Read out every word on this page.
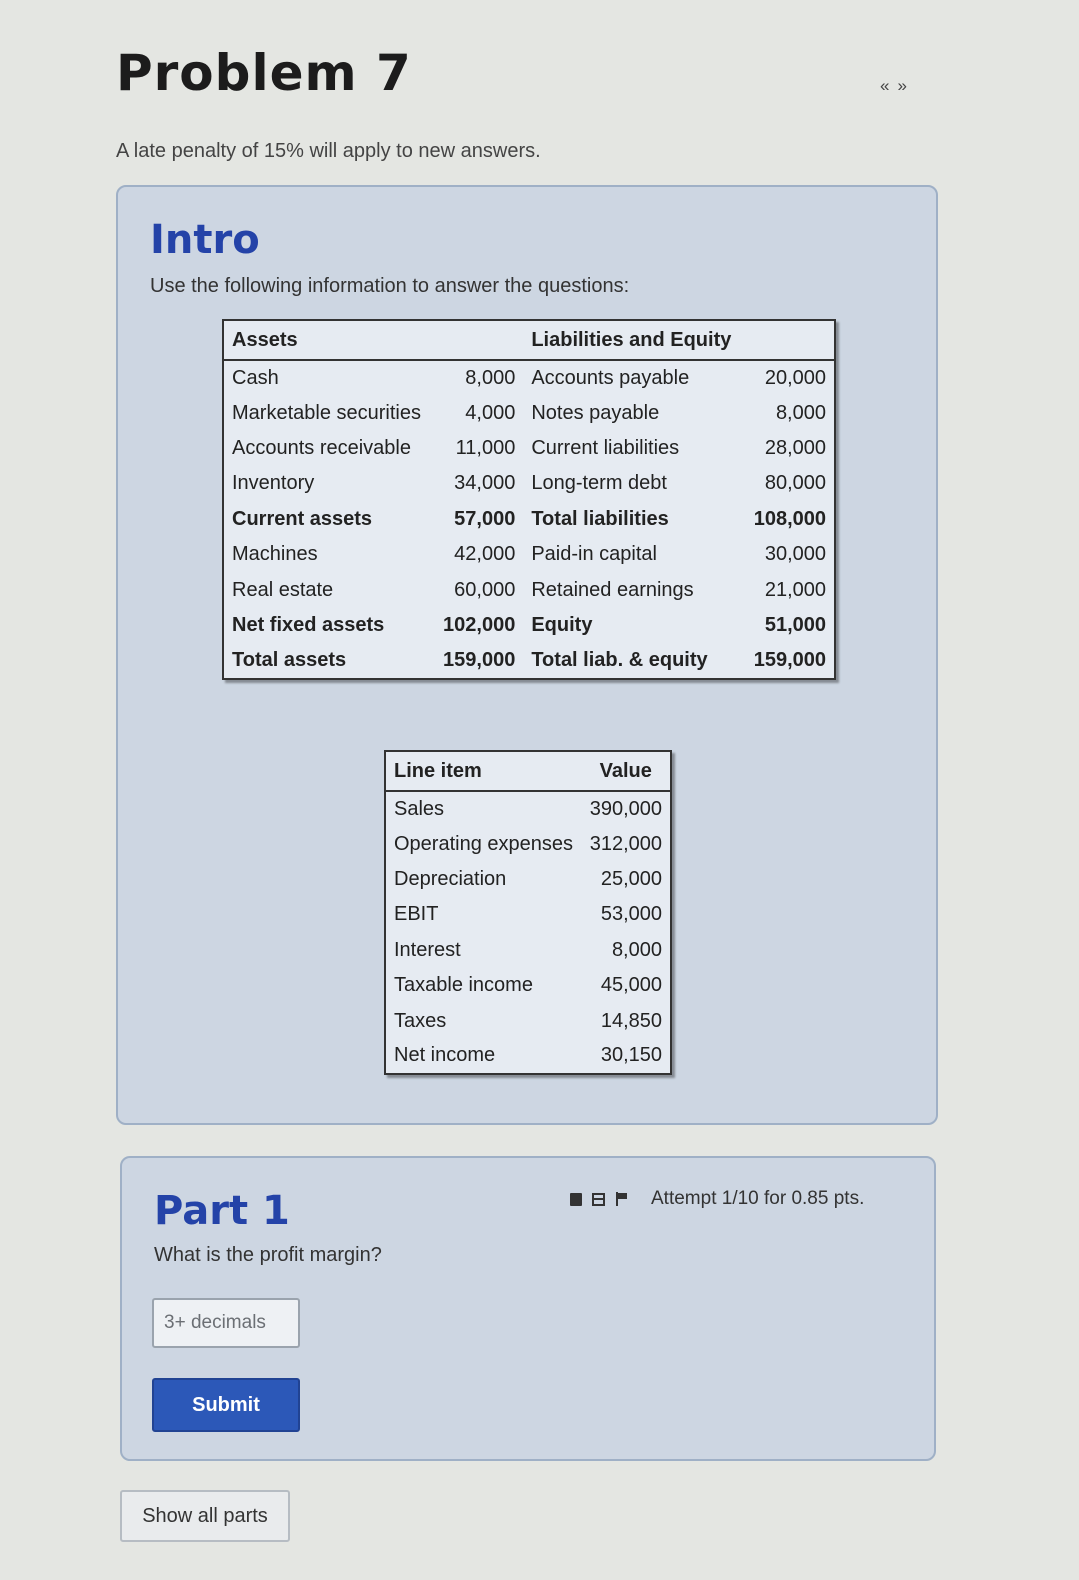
Problem 7	« »
A late penalty of 15% will apply to new answers.
Intro
Use the following information to answer the questions:
Assets		Liabilities and Equity	
Cash	8,000	Accounts payable	20,000
Marketable securities	4,000	Notes payable	8,000
Accounts receivable	11,000	Current liabilities	28,000
Inventory	34,000	Long-term debt	80,000
Current assets	57,000	Total liabilities	108,000
Machines	42,000	Paid-in capital	30,000
Real estate	60,000	Retained earnings	21,000
Net fixed assets	102,000	Equity	51,000
Total assets	159,000	Total liab. & equity	159,000
Line item	Value
Sales	390,000
Operating expenses	312,000
Depreciation	25,000
EBIT	53,000
Interest	8,000
Taxable income	45,000
Taxes	14,850
Net income	30,150
Part 1
What is the profit margin?
Attempt 1/10 for 0.85 pts.
3+ decimals
Submit
Show all parts
